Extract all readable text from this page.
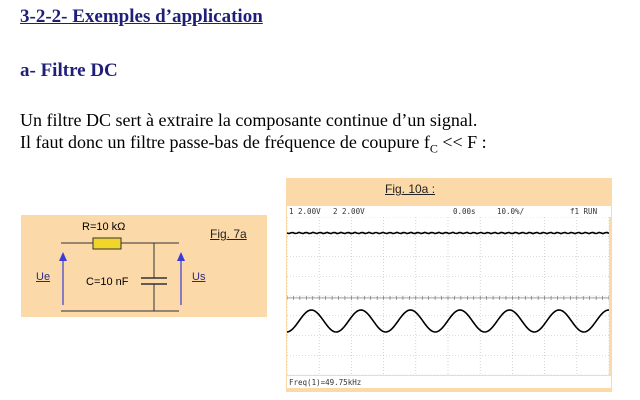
3-2-2- Exemples d’application
a- Filtre DC
Un filtre DC sert à extraire la composante continue d’un signal.
Il faut donc un filtre passe-bas de fréquence de coupure $f_C << F$ :
R=10 kΩ
C=10 nF
Ue	Us
Fig. 7a
Fig. 10a :
1 2.00V 2 2.00V	0.00s	10.0%/	f1 RUN
Freq(1)=49.75kHz
